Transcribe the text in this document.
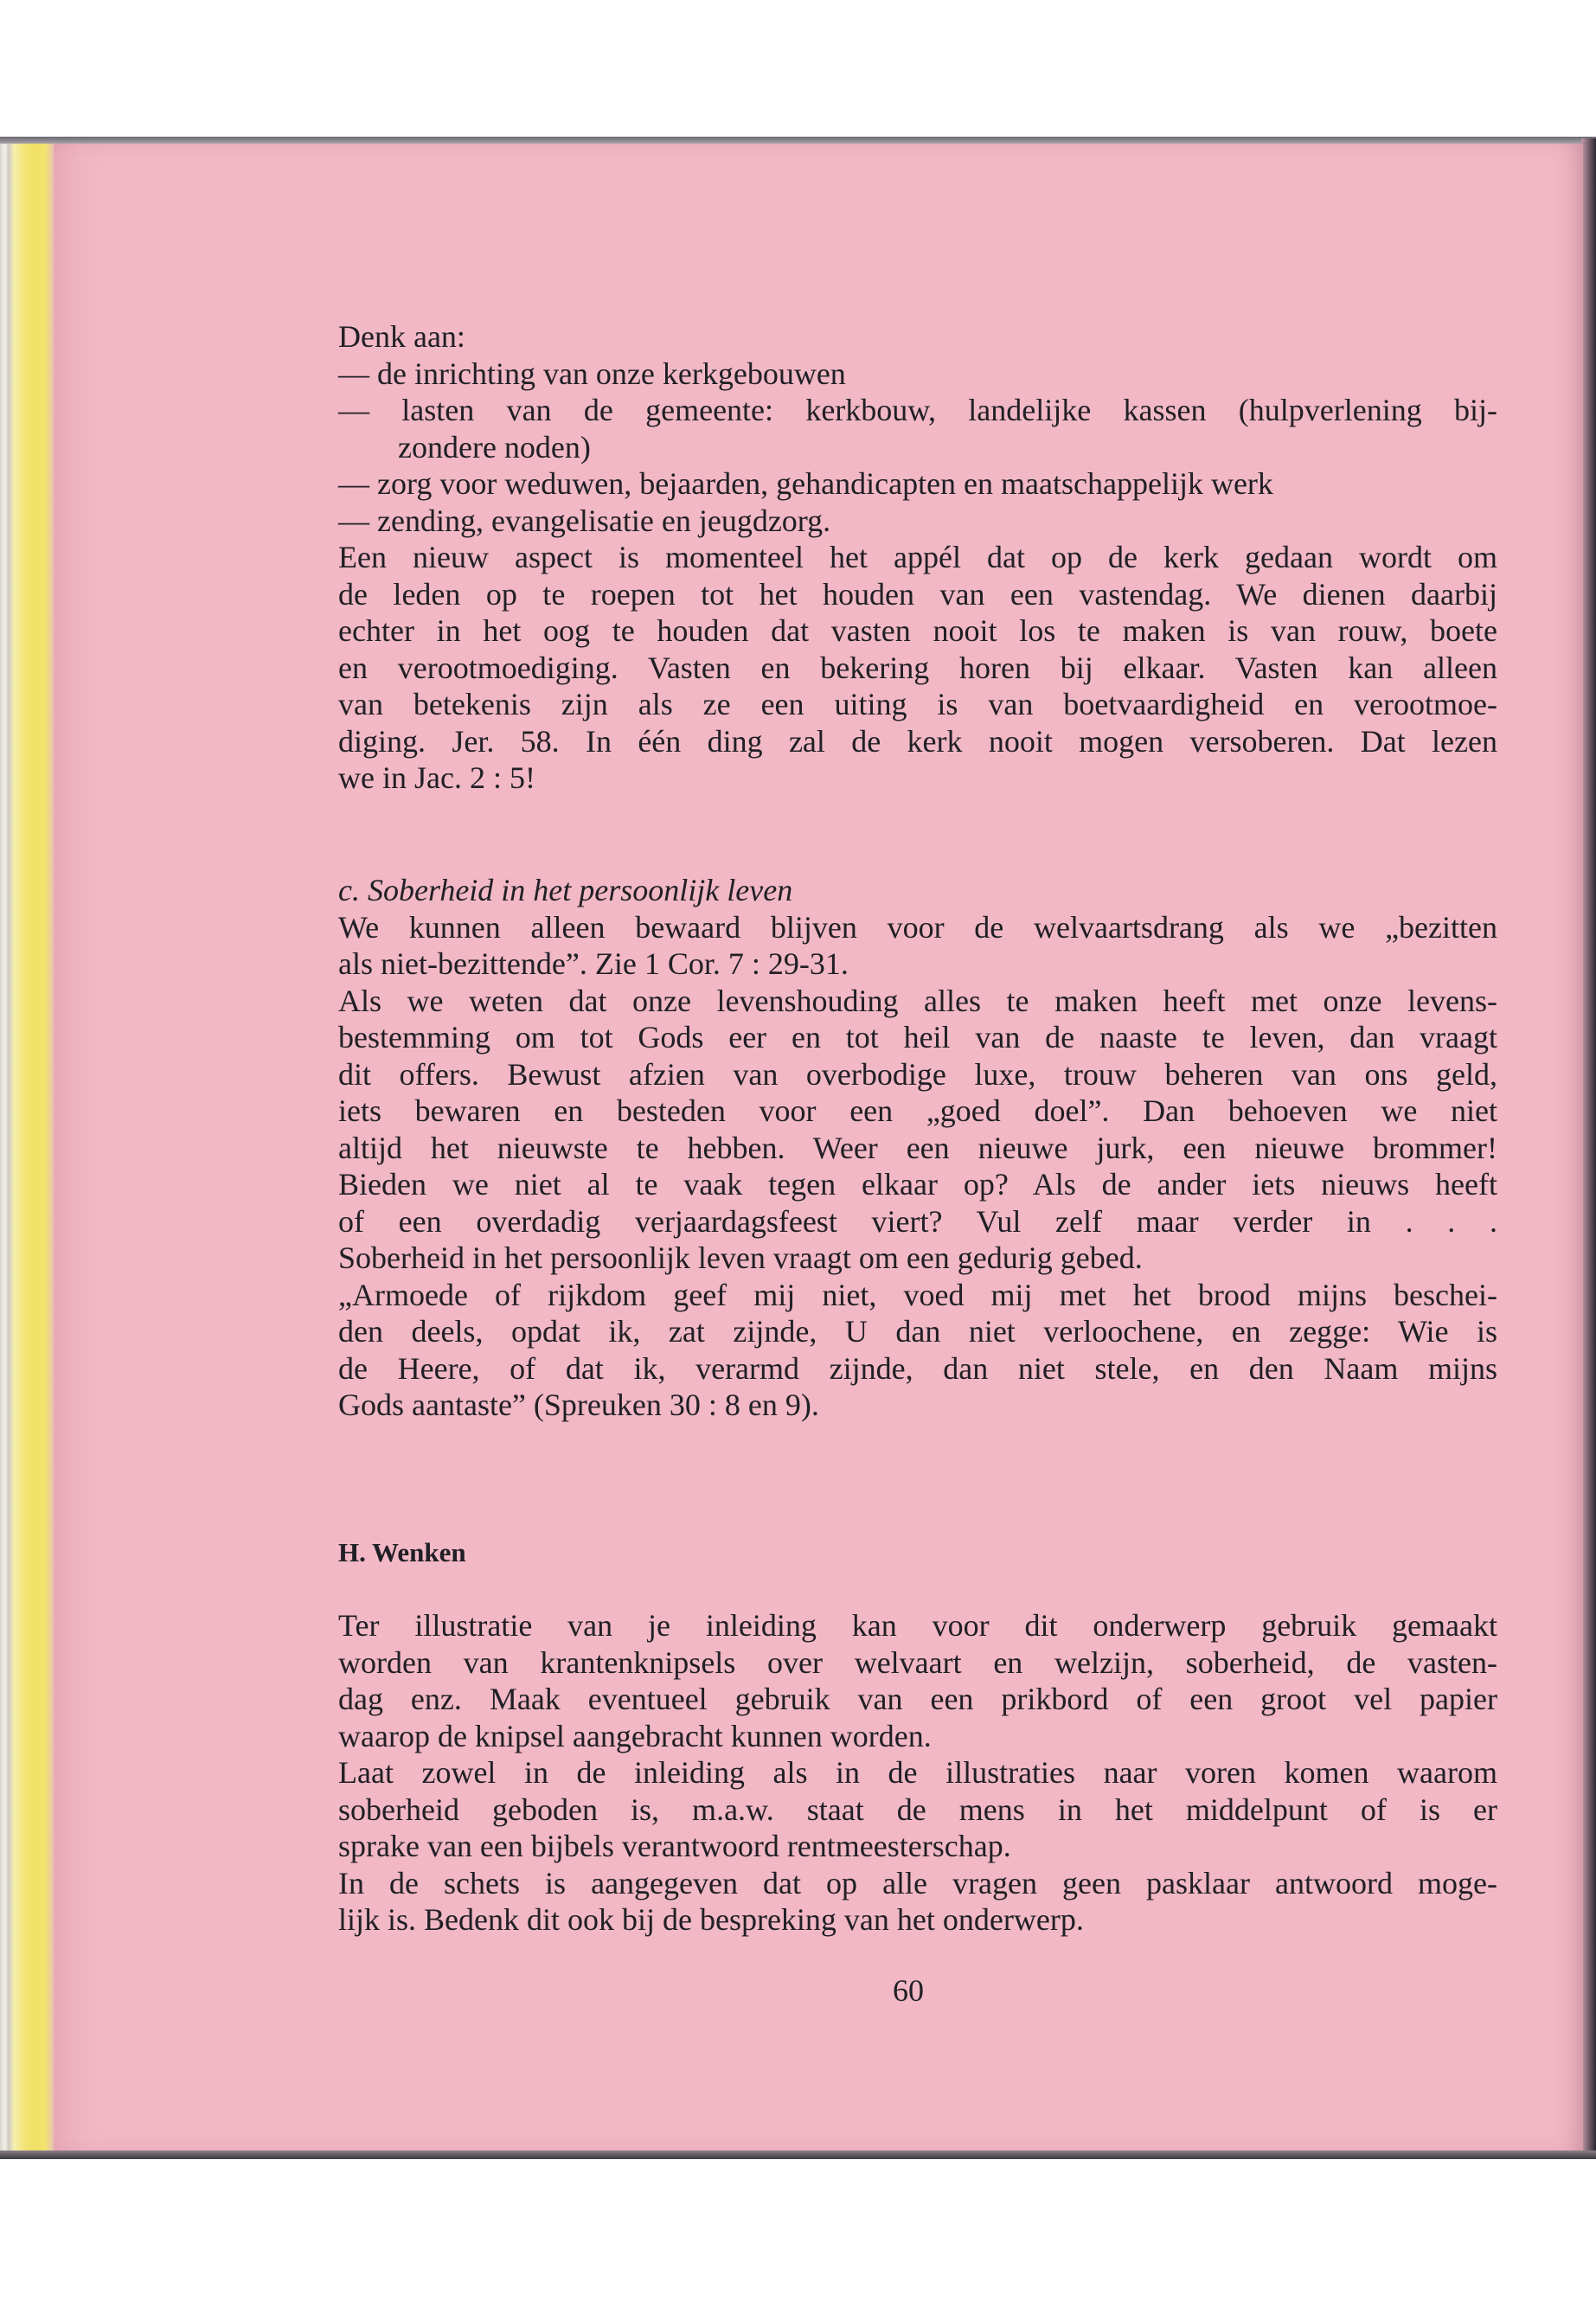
Denk aan:
— de inrichting van onze kerkgebouwen
— lasten van de gemeente: kerkbouw, landelijke kassen (hulpverlening bij-
zondere noden)
— zorg voor weduwen, bejaarden, gehandicapten en maatschappelijk werk
— zending, evangelisatie en jeugdzorg.
Een nieuw aspect is momenteel het appél dat op de kerk gedaan wordt om
de leden op te roepen tot het houden van een vastendag. We dienen daarbij
echter in het oog te houden dat vasten nooit los te maken is van rouw, boete
en verootmoediging. Vasten en bekering horen bij elkaar. Vasten kan alleen
van betekenis zijn als ze een uiting is van boetvaardigheid en verootmoe-
diging. Jer. 58. In één ding zal de kerk nooit mogen versoberen. Dat lezen
we in Jac. 2 : 5!
c. Soberheid in het persoonlijk leven
We kunnen alleen bewaard blijven voor de welvaartsdrang als we „bezitten
als niet-bezittende”. Zie 1 Cor. 7 : 29-31.
Als we weten dat onze levenshouding alles te maken heeft met onze levens-
bestemming om tot Gods eer en tot heil van de naaste te leven, dan vraagt
dit offers. Bewust afzien van overbodige luxe, trouw beheren van ons geld,
iets bewaren en besteden voor een „goed doel”. Dan behoeven we niet
altijd het nieuwste te hebben. Weer een nieuwe jurk, een nieuwe brommer!
Bieden we niet al te vaak tegen elkaar op? Als de ander iets nieuws heeft
of een overdadig verjaardagsfeest viert? Vul zelf maar verder in . . .
Soberheid in het persoonlijk leven vraagt om een gedurig gebed.
„Armoede of rijkdom geef mij niet, voed mij met het brood mijns beschei-
den deels, opdat ik, zat zijnde, U dan niet verloochene, en zegge: Wie is
de Heere, of dat ik, verarmd zijnde, dan niet stele, en den Naam mijns
Gods aantaste” (Spreuken 30 : 8 en 9).
H. Wenken
Ter illustratie van je inleiding kan voor dit onderwerp gebruik gemaakt
worden van krantenknipsels over welvaart en welzijn, soberheid, de vasten-
dag enz. Maak eventueel gebruik van een prikbord of een groot vel papier
waarop de knipsel aangebracht kunnen worden.
Laat zowel in de inleiding als in de illustraties naar voren komen waarom
soberheid geboden is, m.a.w. staat de mens in het middelpunt of is er
sprake van een bijbels verantwoord rentmeesterschap.
In de schets is aangegeven dat op alle vragen geen pasklaar antwoord moge-
lijk is. Bedenk dit ook bij de bespreking van het onderwerp.
60
